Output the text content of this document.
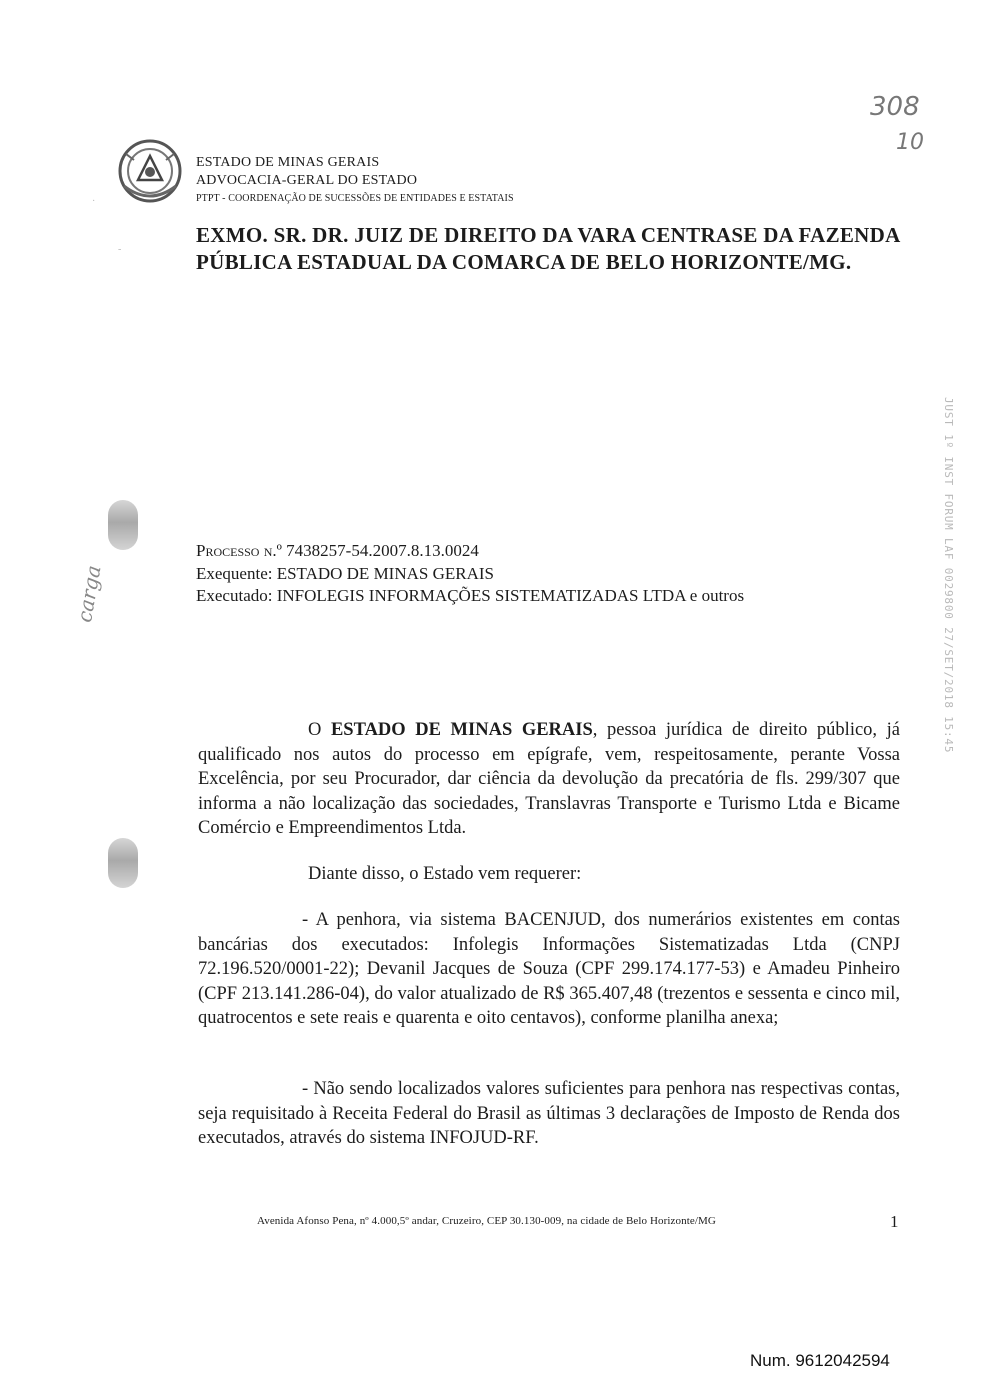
ESTADO DE MINAS GERAIS
ADVOCACIA-GERAL DO ESTADO
PTPT - COORDENAÇÃO DE SUCESSÕES DE ENTIDADES E ESTATAIS
308
10
·
-
EXMO. SR. DR. JUIZ DE DIREITO DA VARA CENTRASE DA FAZENDA PÚBLICA ESTADUAL DA COMARCA DE BELO HORIZONTE/MG.
JUST 1º INST FORUM LAF 0029800 27/SET/2018 15:45
carga
Processo n.º 7438257-54.2007.8.13.0024
Exequente: ESTADO DE MINAS GERAIS
Executado: INFOLEGIS INFORMAÇÕES SISTEMATIZADAS LTDA e outros

O ESTADO DE MINAS GERAIS, pessoa jurídica de direito público, já qualificado nos autos do processo em epígrafe, vem, respeitosamente, perante Vossa Excelência, por seu Procurador, dar ciência da devolução da precatória de fls. 299/307 que informa a não localização das sociedades, Translavras Transporte e Turismo Ltda e Bicame Comércio e Empreendimentos Ltda.

Diante disso, o Estado vem requerer:

- A penhora, via sistema BACENJUD, dos numerários existentes em contas bancárias dos executados: Infolegis Informações Sistematizadas Ltda (CNPJ 72.196.520/0001-22); Devanil Jacques de Souza (CPF 299.174.177-53) e Amadeu Pinheiro (CPF 213.141.286-04), do valor atualizado de R$ 365.407,48 (trezentos e sessenta e cinco mil, quatrocentos e sete reais e quarenta e oito centavos), conforme planilha anexa;

- Não sendo localizados valores suficientes para penhora nas respectivas contas, seja requisitado à Receita Federal do Brasil as últimas 3 declarações de Imposto de Renda dos executados, através do sistema INFOJUD-RF.

Avenida Afonso Pena, nº 4.000,5º andar, Cruzeiro, CEP 30.130-009, na cidade de Belo Horizonte/MG	1
Num. 9612042594
